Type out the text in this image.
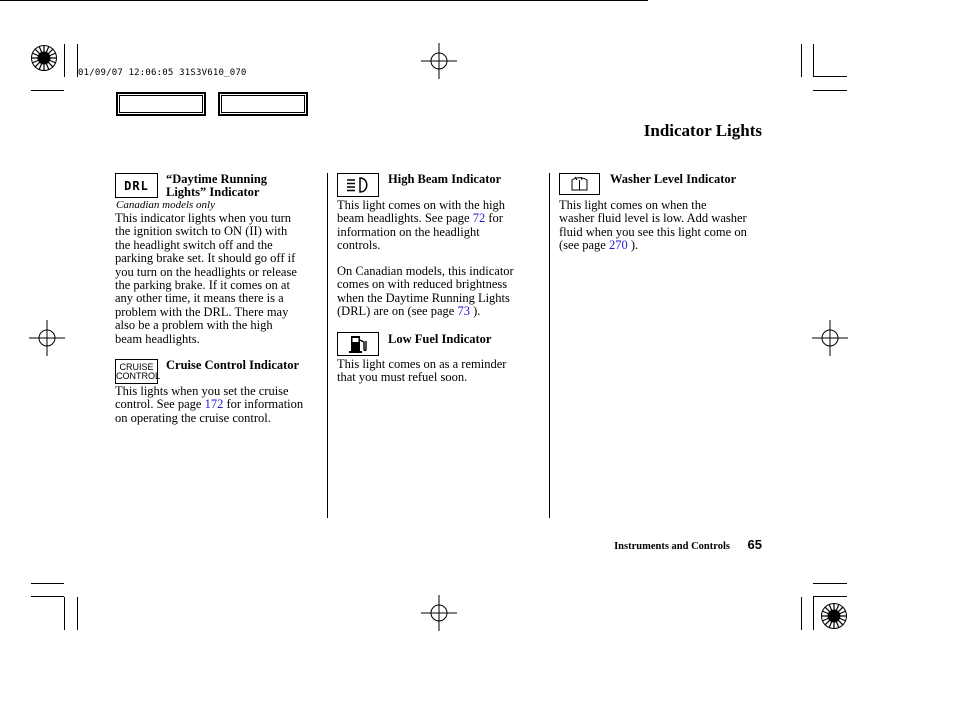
01/09/07 12:06:05 31S3V610_070
Indicator Lights
DRL	“Daytime Running
Lights” Indicator
Canadian models only
This indicator lights when you turn
the ignition switch to ON (II) with
the headlight switch off and the
parking brake set. It should go off if
you turn on the headlights or release
the parking brake. If it comes on at
any other time, it means there is a
problem with the DRL. There may
also be a problem with the high
beam headlights.
CRUISE
CONTROL
Cruise Control Indicator
This lights when you set the cruise
control. See page 172 for information
on operating the cruise control.
High Beam Indicator
This light comes on with the high
beam headlights. See page 72 for
information on the headlight
controls.
On Canadian models, this indicator
comes on with reduced brightness
when the Daytime Running Lights
(DRL) are on (see page 73 ).
Low Fuel Indicator
This light comes on as a reminder
that you must refuel soon.
Washer Level Indicator
This light comes on when the
washer fluid level is low. Add washer
fluid when you see this light come on
(see page 270 ).
Instruments and Controls 65
